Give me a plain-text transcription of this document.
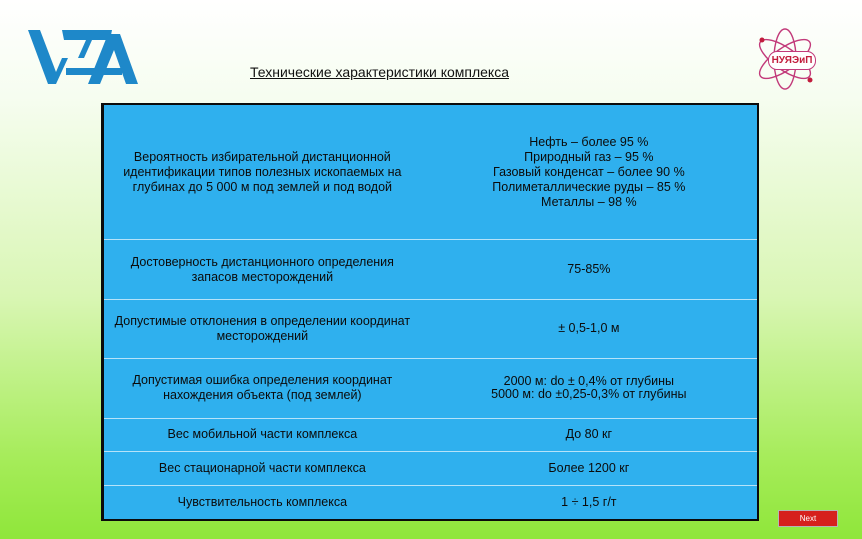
Технические характеристики комплекса
НУЯЭиП
Вероятность избирательной дистанционной идентификации типов полезных ископаемых на глубинах до 5 000 м под землей и под водой	Нефть – более 95 %
Природный газ – 95 %
Газовый конденсат – более 90 %
Полиметаллические руды – 85 %
Металлы – 98 %

Достоверность дистанционного определения запасов месторождений	75-85%

Допустимые отклонения в определении координат месторождений	± 0,5-1,0 м

Допустимая ошибка определения координат нахождения объекта (под землей)	2000 м: do ± 0,4% от глубины
5000 м: do ±0,25-0,3% от глубины

Вес мобильной части комплекса	До 80 кг

Вес стационарной части комплекса	Более 1200 кг

Чувствительность комплекса	1 ÷ 1,5 г/т
Next
